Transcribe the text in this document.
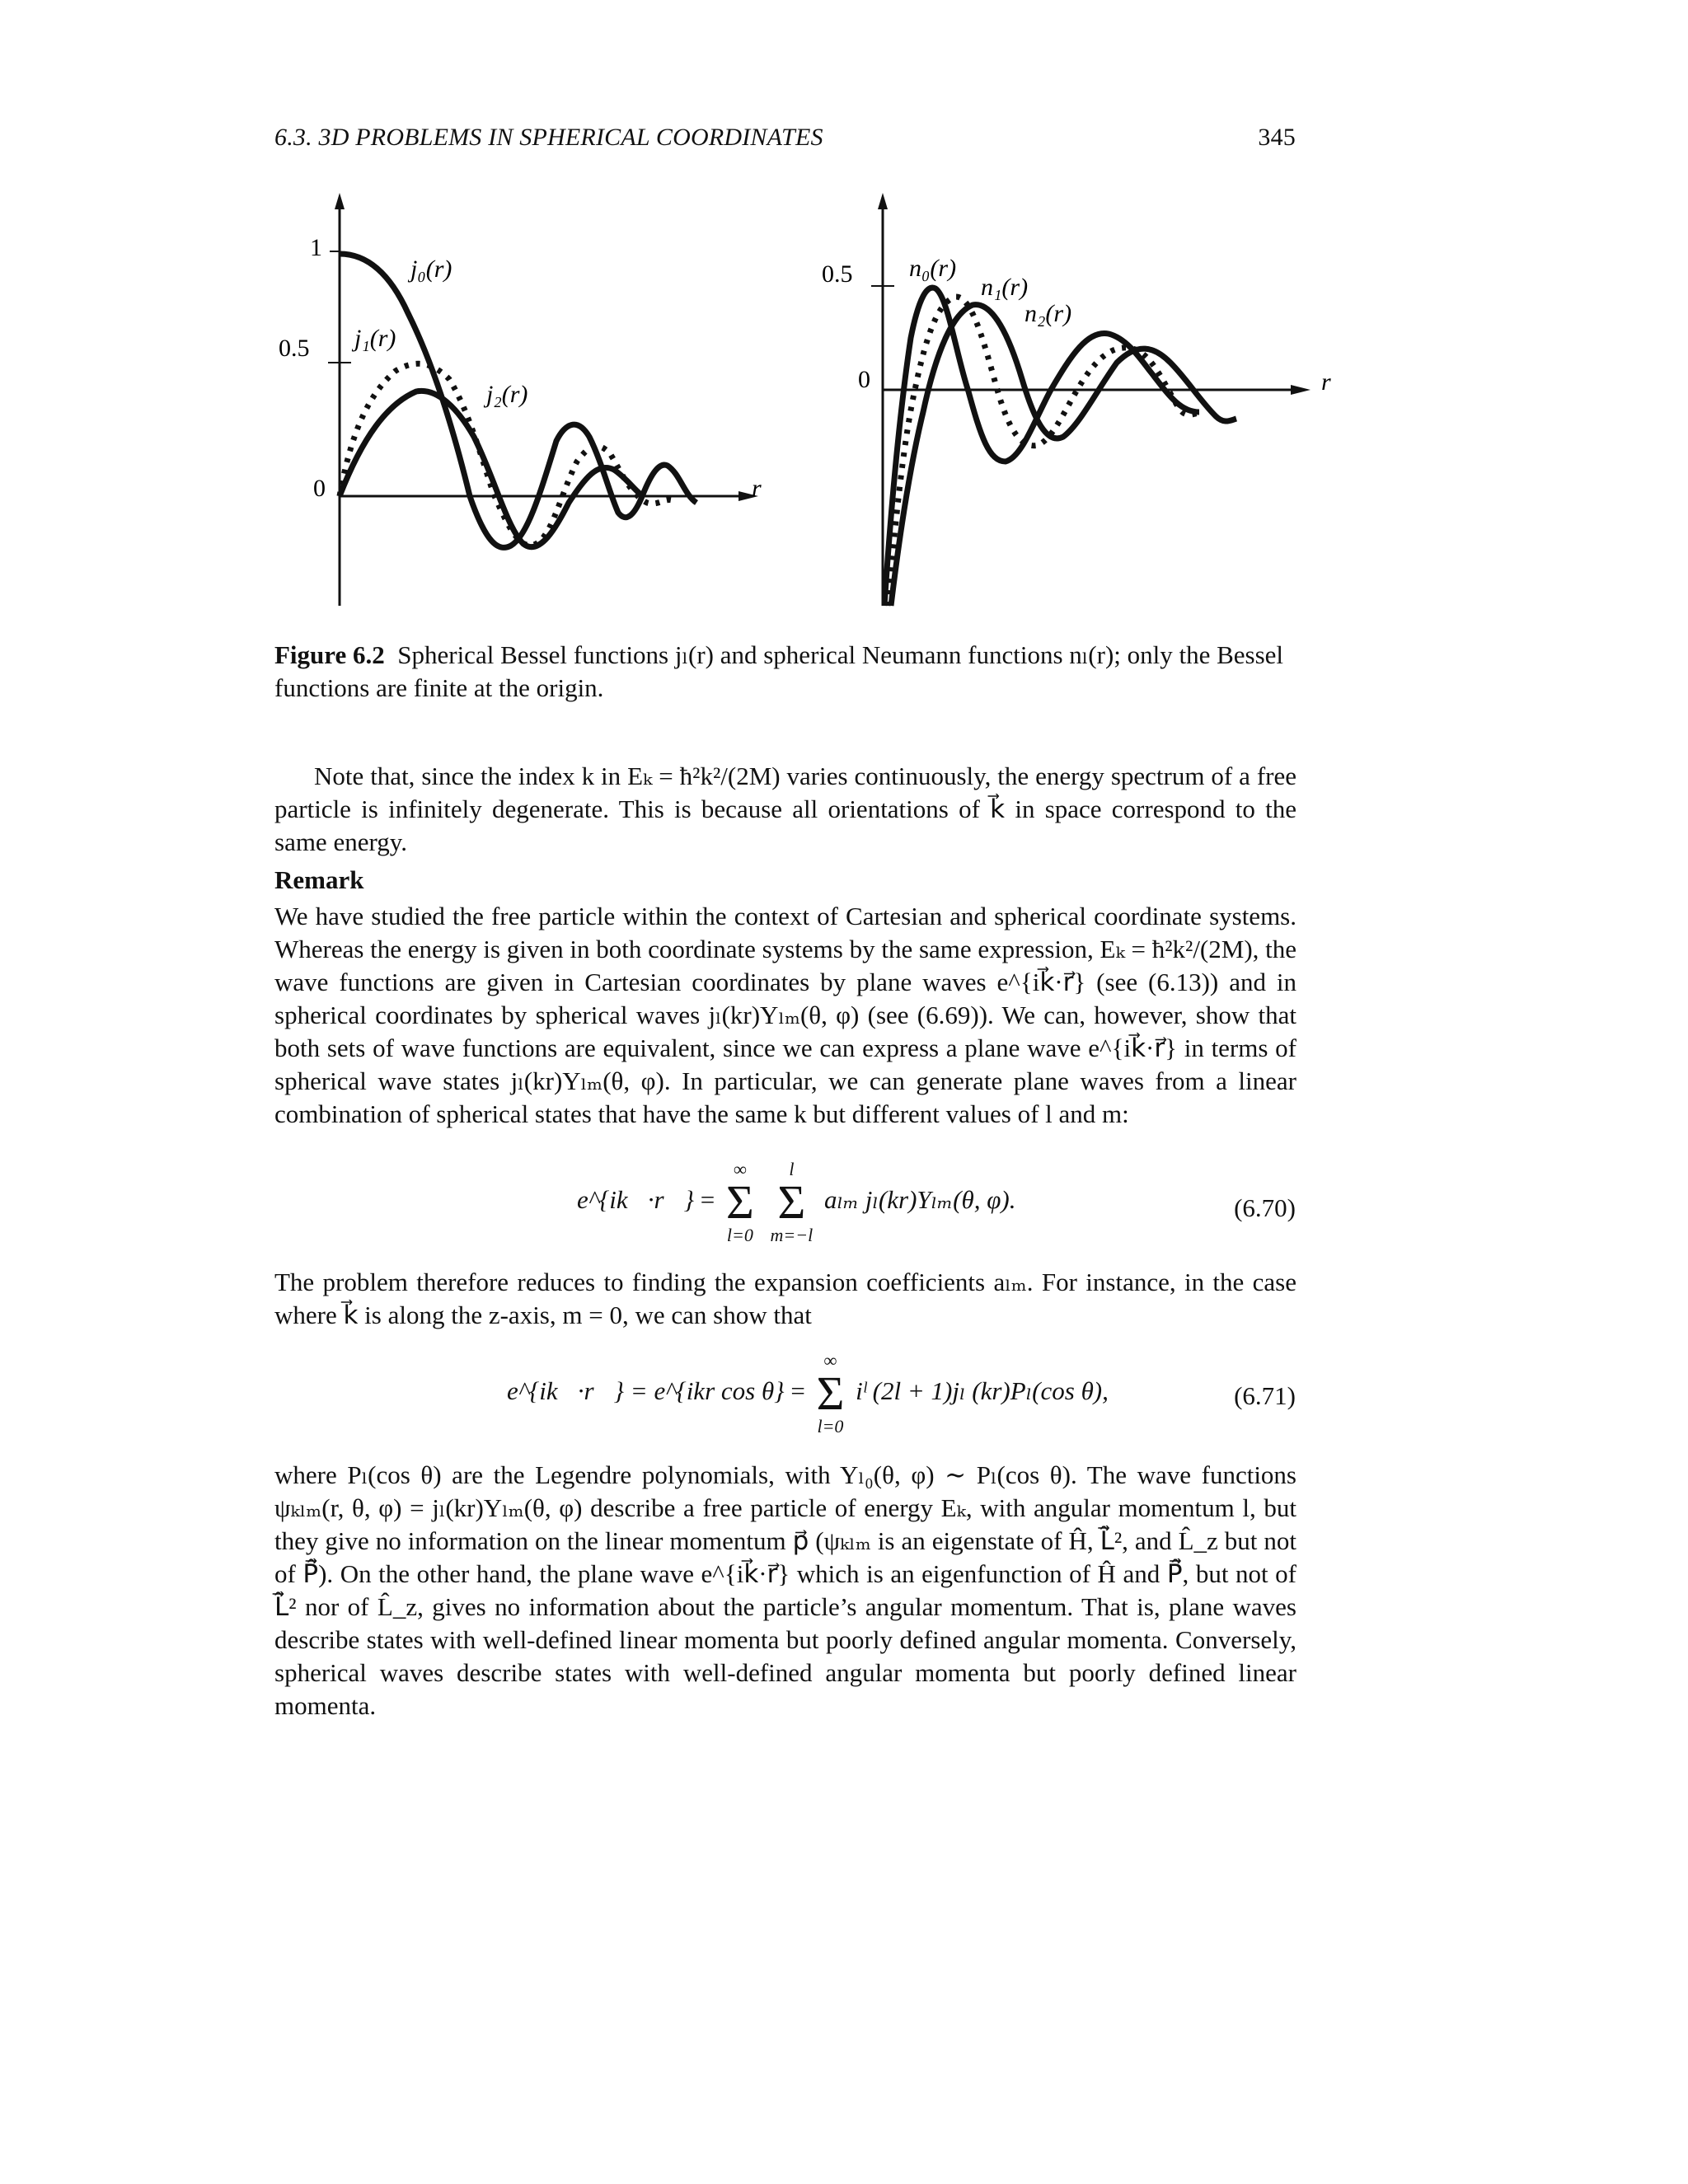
6.3. 3D PROBLEMS IN SPHERICAL COORDINATES	345
1
0.5
0	r
j₀(r)
j₁(r)
j₂(r)
0.5
0	r
n₀(r)
n₁(r)
n₂(r)
Figure 6.2 Spherical Bessel functions jₗ(r) and spherical Neumann functions nₗ(r); only the Bessel functions are finite at the origin.
Note that, since the index k in Eₖ = ħ²k²/(2M) varies continuously, the energy spectrum of a free particle is infinitely degenerate. This is because all orientations of k⃗ in space correspond to the same energy.
Remark
We have studied the free particle within the context of Cartesian and spherical coordinate systems. Whereas the energy is given in both coordinate systems by the same expression, Eₖ = ħ²k²/(2M), the wave functions are given in Cartesian coordinates by plane waves e^{ik⃗·r⃗} (see (6.13)) and in spherical coordinates by spherical waves jₗ(kr)Yₗₘ(θ, φ) (see (6.69)). We can, however, show that both sets of wave functions are equivalent, since we can express a plane wave e^{ik⃗·r⃗} in terms of spherical wave states jₗ(kr)Yₗₘ(θ, φ). In particular, we can generate plane waves from a linear combination of spherical states that have the same k but different values of l and m:
e^{ik⃗·r⃗} =
∞
Σ
l=0

l
Σ
m=−l
aₗₘ jₗ(kr)Yₗₘ(θ, φ).	(6.70)
The problem therefore reduces to finding the expansion coefficients aₗₘ. For instance, in the case where k⃗ is along the z-axis, m = 0, we can show that
e^{ik⃗·r⃗} = e^{ikr cos θ} =
∞
Σ
l=0
iˡ (2l + 1)jₗ (kr)Pₗ(cos θ),	(6.71)
where Pₗ(cos θ) are the Legendre polynomials, with Yₗ₀(θ, φ) ∼ Pₗ(cos θ). The wave functions ψₖₗₘ(r, θ, φ) = jₗ(kr)Yₗₘ(θ, φ) describe a free particle of energy Eₖ, with angular momentum l, but they give no information on the linear momentum p⃗ (ψₖₗₘ is an eigenstate of Ĥ, L̂⃗², and L̂_z but not of P̂⃗). On the other hand, the plane wave e^{ik⃗·r⃗} which is an eigenfunction of Ĥ and P̂⃗, but not of L̂⃗² nor of L̂_z, gives no information about the particle’s angular momentum. That is, plane waves describe states with well-defined linear momenta but poorly defined angular momenta. Conversely, spherical waves describe states with well-defined angular momenta but poorly defined linear momenta.
